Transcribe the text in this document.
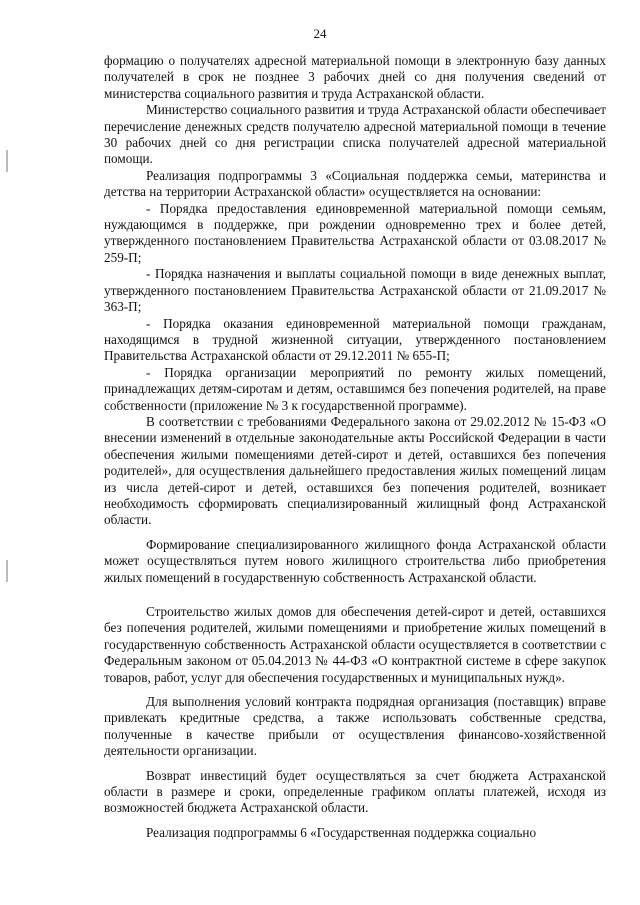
24

формацию о получателях адресной материальной помощи в электронную базу данных получателей в срок не позднее 3 рабочих дней со дня получения сведений от министерства социального развития и труда Астраханской области.

Министерство социального развития и труда Астраханской области обеспечивает перечисление денежных средств получателю адресной материальной помощи в течение 30 рабочих дней со дня регистрации списка получателей адресной материальной помощи.

Реализация подпрограммы 3 «Социальная поддержка семьи, материнства и детства на территории Астраханской области» осуществляется на основании:

- Порядка предоставления единовременной материальной помощи семьям, нуждающимся в поддержке, при рождении одновременно трех и более детей, утвержденного постановлением Правительства Астраханской области от 03.08.2017 № 259-П;

- Порядка назначения и выплаты социальной помощи в виде денежных выплат, утвержденного постановлением Правительства Астраханской области от 21.09.2017 № 363-П;

- Порядка оказания единовременной материальной помощи гражданам, находящимся в трудной жизненной ситуации, утвержденного постановлением Правительства Астраханской области от 29.12.2011 № 655-П;

- Порядка организации мероприятий по ремонту жилых помещений, принадлежащих детям-сиротам и детям, оставшимся без попечения родителей, на праве собственности (приложение № 3 к государственной программе).

В соответствии с требованиями Федерального закона от 29.02.2012 № 15-ФЗ «О внесении изменений в отдельные законодательные акты Российской Федерации в части обеспечения жилыми помещениями детей-сирот и детей, оставшихся без попечения родителей», для осуществления дальнейшего предоставления жилых помещений лицам из числа детей-сирот и детей, оставшихся без попечения родителей, возникает необходимость сформировать специализированный жилищный фонд Астраханской области.

Формирование специализированного жилищного фонда Астраханской области может осуществляться путем нового жилищного строительства либо приобретения жилых помещений в государственную собственность Астраханской области.

Строительство жилых домов для обеспечения детей-сирот и детей, оставшихся без попечения родителей, жилыми помещениями и приобретение жилых помещений в государственную собственность Астраханской области осуществляется в соответствии с Федеральным законом от 05.04.2013 № 44-ФЗ «О контрактной системе в сфере закупок товаров, работ, услуг для обеспечения государственных и муниципальных нужд».

Для выполнения условий контракта подрядная организация (поставщик) вправе привлекать кредитные средства, а также использовать собственные средства, полученные в качестве прибыли от осуществления финансово-хозяйственной деятельности организации.

Возврат инвестиций будет осуществляться за счет бюджета Астраханской области в размере и сроки, определенные графиком оплаты платежей, исходя из возможностей бюджета Астраханской области.

Реализация подпрограммы 6 «Государственная поддержка социально
